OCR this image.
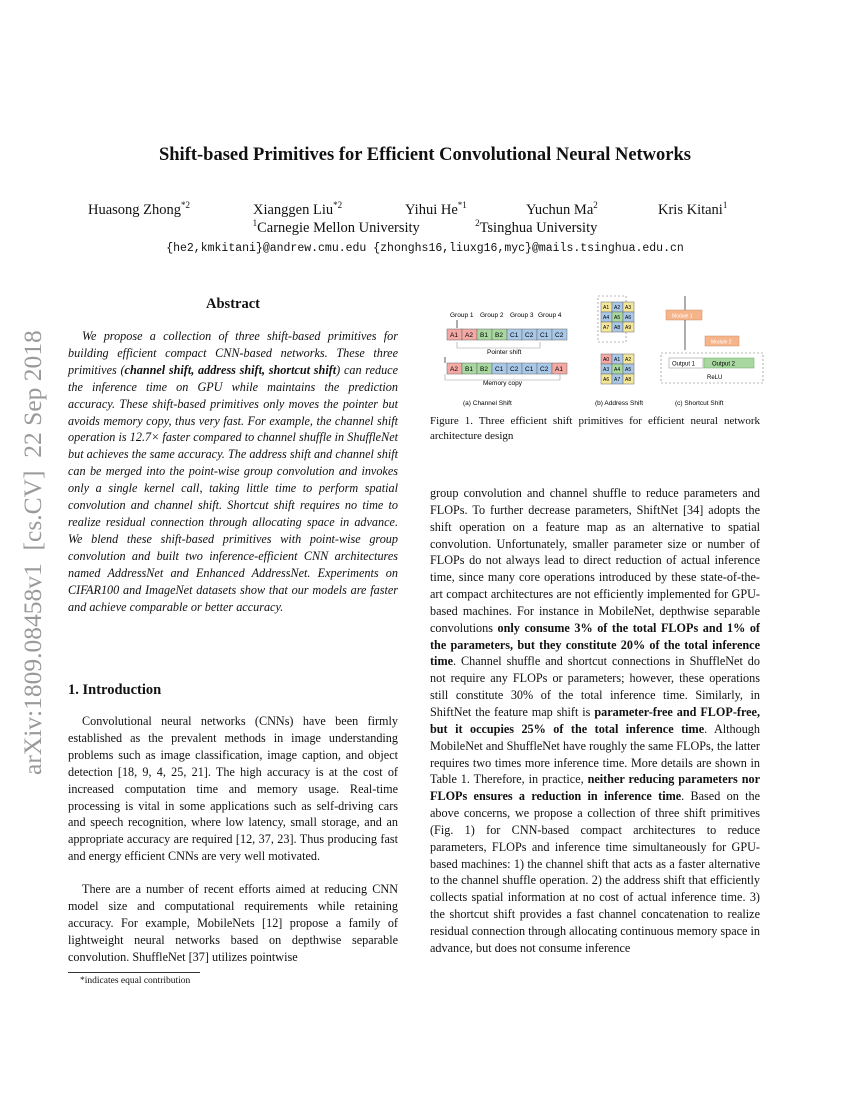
arXiv:1809.08458v1  [cs.CV]  22 Sep 2018
Shift-based Primitives for Efficient Convolutional Neural Networks
Huasong Zhong$^{*2}$	Xianggen Liu$^{*2}$	Yihui He$^{*1}$	Yuchun Ma$^2$	Kris Kitani$^1$
$^1$Carnegie Mellon University	$^2$Tsinghua University
{he2,kmkitani}@andrew.cmu.edu {zhonghs16,liuxg16,myc}@mails.tsinghua.edu.cn
Abstract
We propose a collection of three shift-based primitives for building efficient compact CNN-based networks. These three primitives (channel shift, address shift, shortcut shift) can reduce the inference time on GPU while maintains the prediction accuracy. These shift-based primitives only moves the pointer but avoids memory copy, thus very fast. For example, the channel shift operation is 12.7× faster compared to channel shuffle in ShuffleNet but achieves the same accuracy. The address shift and channel shift can be merged into the point-wise group convolution and invokes only a single kernel call, taking little time to perform spatial convolution and channel shift. Shortcut shift requires no time to realize residual connection through allocating space in advance. We blend these shift-based primitives with point-wise group convolution and built two inference-efficient CNN architectures named AddressNet and Enhanced AddressNet. Experiments on CIFAR100 and ImageNet datasets show that our models are faster and achieve comparable or better accuracy.
1. Introduction

Convolutional neural networks (CNNs) have been firmly established as the prevalent methods in image understanding problems such as image classification, image caption, and object detection [18, 9, 4, 25, 21]. The high accuracy is at the cost of increased computation time and memory usage. Real-time processing is vital in some applications such as self-driving cars and speech recognition, where low latency, small storage, and an appropriate accuracy are required [12, 37, 23]. Thus producing fast and energy efficient CNNs are very well motivated.

There are a number of recent efforts aimed at reducing CNN model size and computational requirements while retaining accuracy. For example, MobileNets [12] propose a family of lightweight neural networks based on depthwise separable convolution. ShuffleNet [37] utilizes pointwise

*indicates equal contribution
Group 1 Group 2 Group 3 Group 4
A1 A2 B1 B2 C1 C2 C1 C2
Pointer shift
A2 B1 B2 C1 C2 C1 C2 A1
Memory copy
(a) Channel Shift
A1 A2 A3
A4 A5 A6
A7 A8 A9
A0 A1 A2
A3 A4 A5
A6 A7 A8
(b) Address Shift
Module 1
Module 2
Output 1	Output 2
ReLU
(c) Shortcut Shift
Figure 1. Three efficient shift primitives for efficient neural network architecture design

group convolution and channel shuffle to reduce parameters and FLOPs. To further decrease parameters, ShiftNet [34] adopts the shift operation on a feature map as an alternative to spatial convolution. Unfortunately, smaller parameter size or number of FLOPs do not always lead to direct reduction of actual inference time, since many core operations introduced by these state-of-the-art compact architectures are not efficiently implemented for GPU-based machines. For instance in MobileNet, depthwise separable convolutions only consume 3% of the total FLOPs and 1% of the parameters, but they constitute 20% of the total inference time. Channel shuffle and shortcut connections in ShuffleNet do not require any FLOPs or parameters; however, these operations still constitute 30% of the total inference time. Similarly, in ShiftNet the feature map shift is parameter-free and FLOP-free, but it occupies 25% of the total inference time. Although MobileNet and ShuffleNet have roughly the same FLOPs, the latter requires two times more inference time. More details are shown in Table 1. Therefore, in practice, neither reducing parameters nor FLOPs ensures a reduction in inference time. Based on the above concerns, we propose a collection of three shift primitives (Fig. 1) for CNN-based compact architectures to reduce parameters, FLOPs and inference time simultaneously for GPU-based machines: 1) the channel shift that acts as a faster alternative to the channel shuffle operation. 2) the address shift that efficiently collects spatial information at no cost of actual inference time. 3) the shortcut shift provides a fast channel concatenation to realize residual connection through allocating continuous memory space in advance, but does not consume inference
